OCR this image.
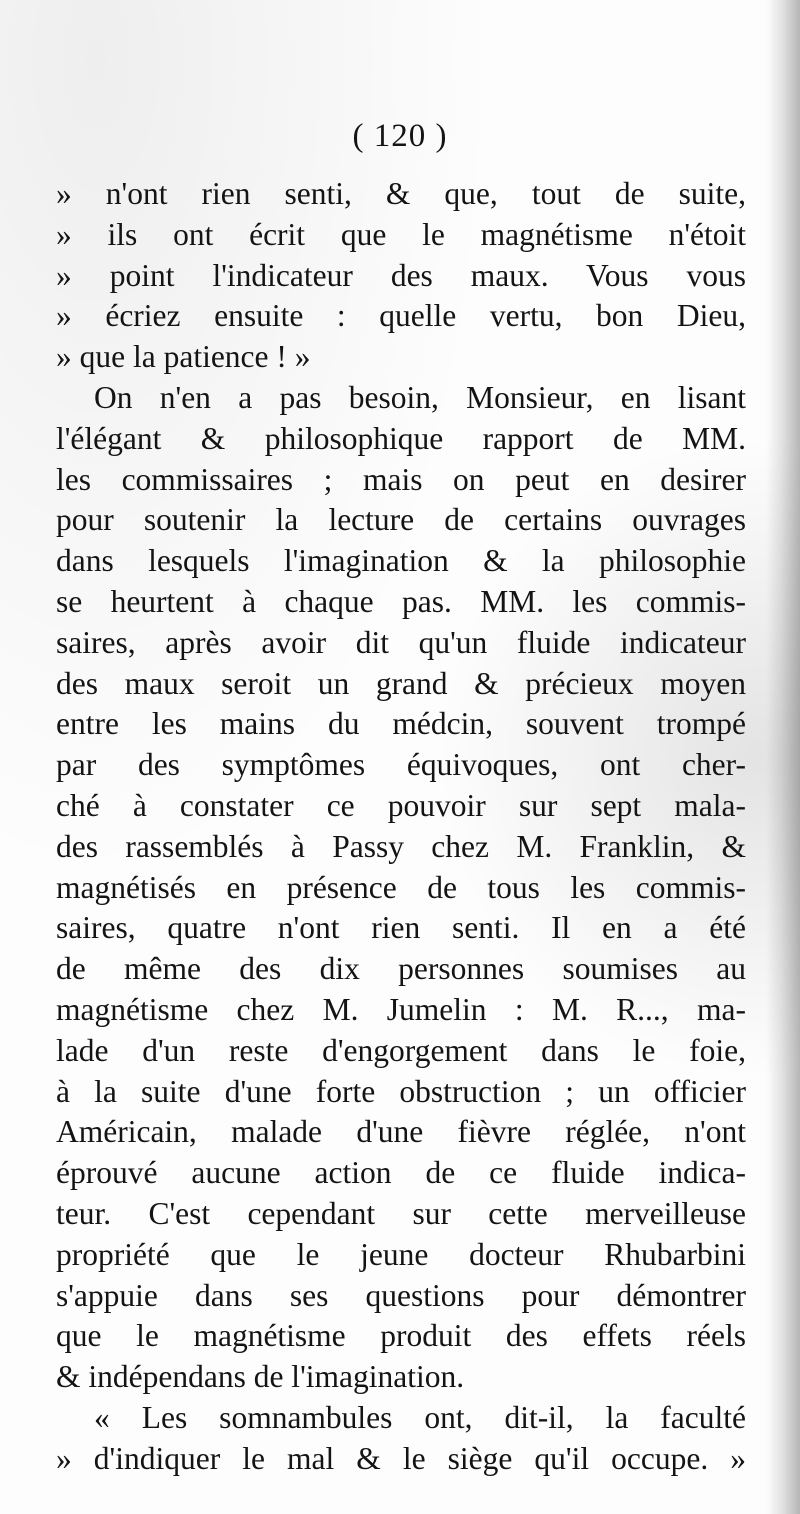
( 120 )
» n'ont rien senti, & que, tout de suite,
» ils ont écrit que le magnétisme n'étoit
» point l'indicateur des maux. Vous vous
» écriez ensuite : quelle vertu, bon Dieu,
» que la patience ! »
On n'en a pas besoin, Monsieur, en lisant
l'élégant & philosophique rapport de MM.
les commissaires ; mais on peut en desirer
pour soutenir la lecture de certains ouvrages
dans lesquels l'imagination & la philosophie
se heurtent à chaque pas. MM. les commis-
saires, après avoir dit qu'un fluide indicateur
des maux seroit un grand & précieux moyen
entre les mains du médcin, souvent trompé
par des symptômes équivoques, ont cher-
ché à constater ce pouvoir sur sept mala-
des rassemblés à Passy chez M. Franklin, &
magnétisés en présence de tous les commis-
saires, quatre n'ont rien senti. Il en a été
de même des dix personnes soumises au
magnétisme chez M. Jumelin : M. R..., ma-
lade d'un reste d'engorgement dans le foie,
à la suite d'une forte obstruction ; un officier
Américain, malade d'une fièvre réglée, n'ont
éprouvé aucune action de ce fluide indica-
teur. C'est cependant sur cette merveilleuse
propriété que le jeune docteur Rhubarbini
s'appuie dans ses questions pour démontrer
que le magnétisme produit des effets réels
& indépendans de l'imagination.
« Les somnambules ont, dit-il, la faculté
» d'indiquer le mal & le siège qu'il occupe. »
